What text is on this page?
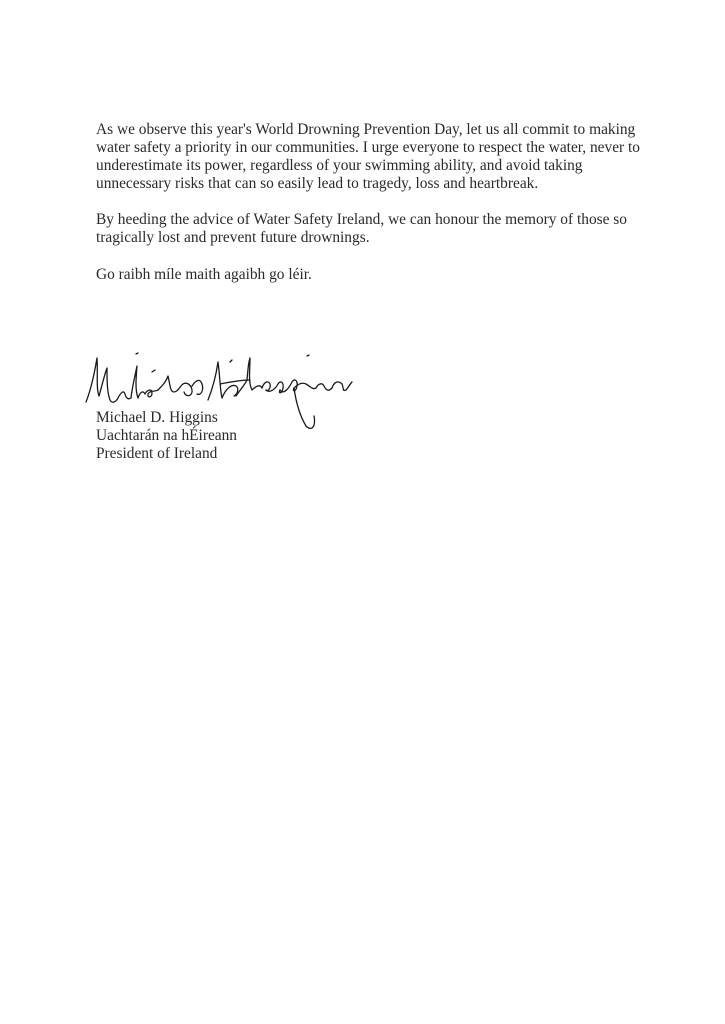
As we observe this year's World Drowning Prevention Day, let us all commit to making water safety a priority in our communities. I urge everyone to respect the water, never to underestimate its power, regardless of your swimming ability, and avoid taking unnecessary risks that can so easily lead to tragedy, loss and heartbreak.

By heeding the advice of Water Safety Ireland, we can honour the memory of those so tragically lost and prevent future drownings.

Go raibh míle maith agaibh go léir.

Michael D. Higgins
Uachtarán na hÉireann
President of Ireland
